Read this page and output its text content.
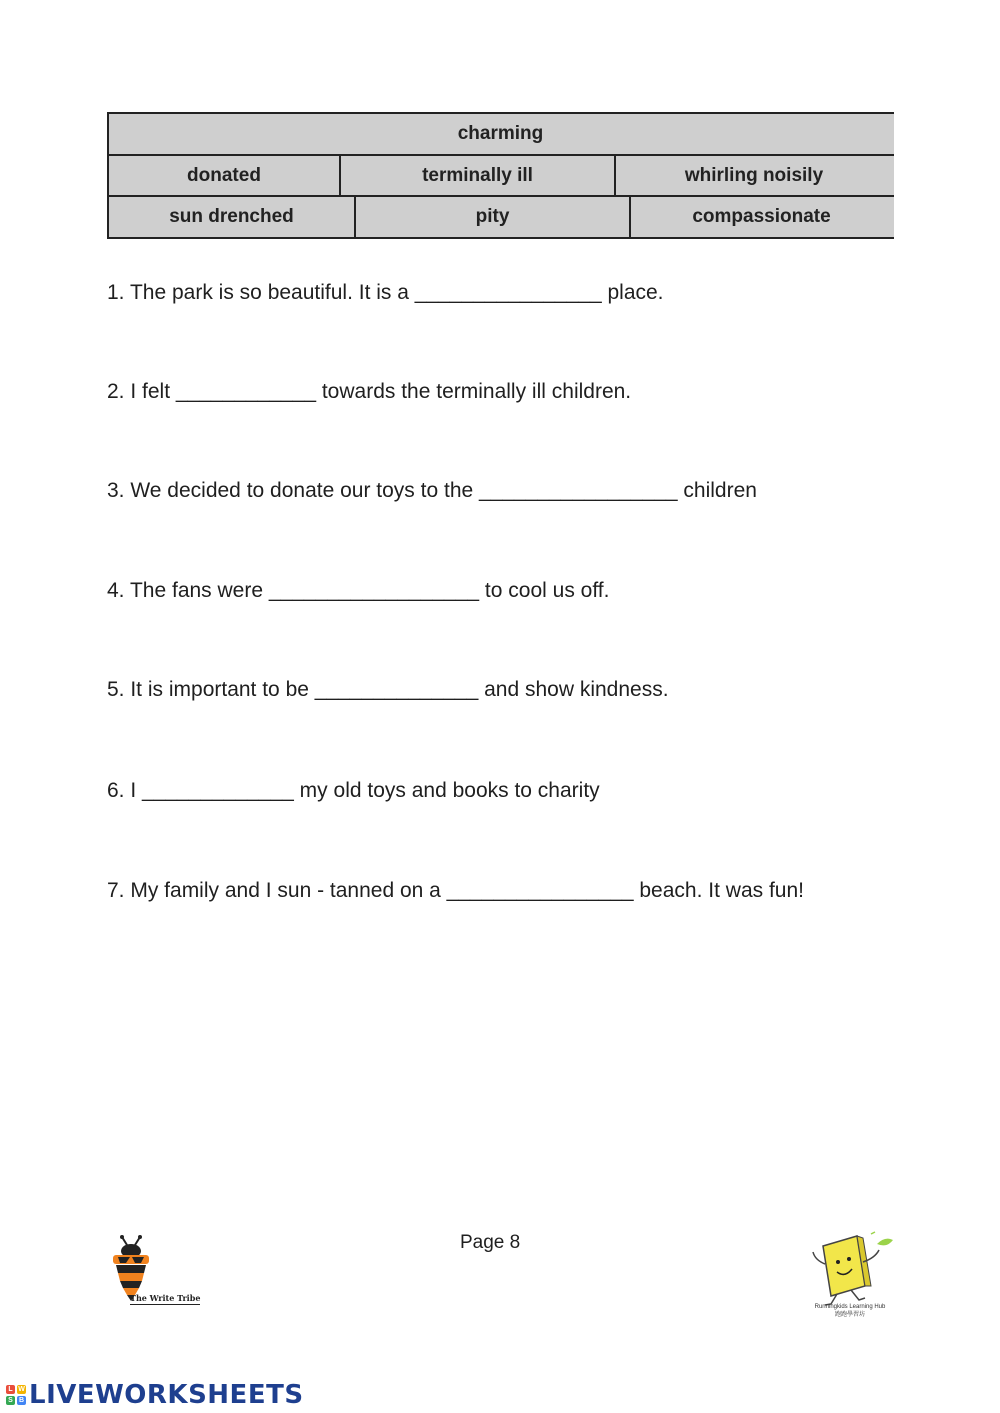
charming
donated	terminally ill	whirling noisily
sun drenched	pity	compassionate
1. The park is so beautiful. It is a ________________ place.
2. I felt ____________ towards the terminally ill children.
3. We decided to donate our toys to the _________________ children
4. The fans were __________________ to cool us off.
5. It is important to be ______________ and show kindness.
6. I _____________ my old toys and books to charity
7. My family and I sun - tanned on a ________________ beach. It was fun!
The Write Tribe
Page 8
Runningkids Learning Hub
跑跑學習坊
L W
S B LIVEWORKSHEETS
